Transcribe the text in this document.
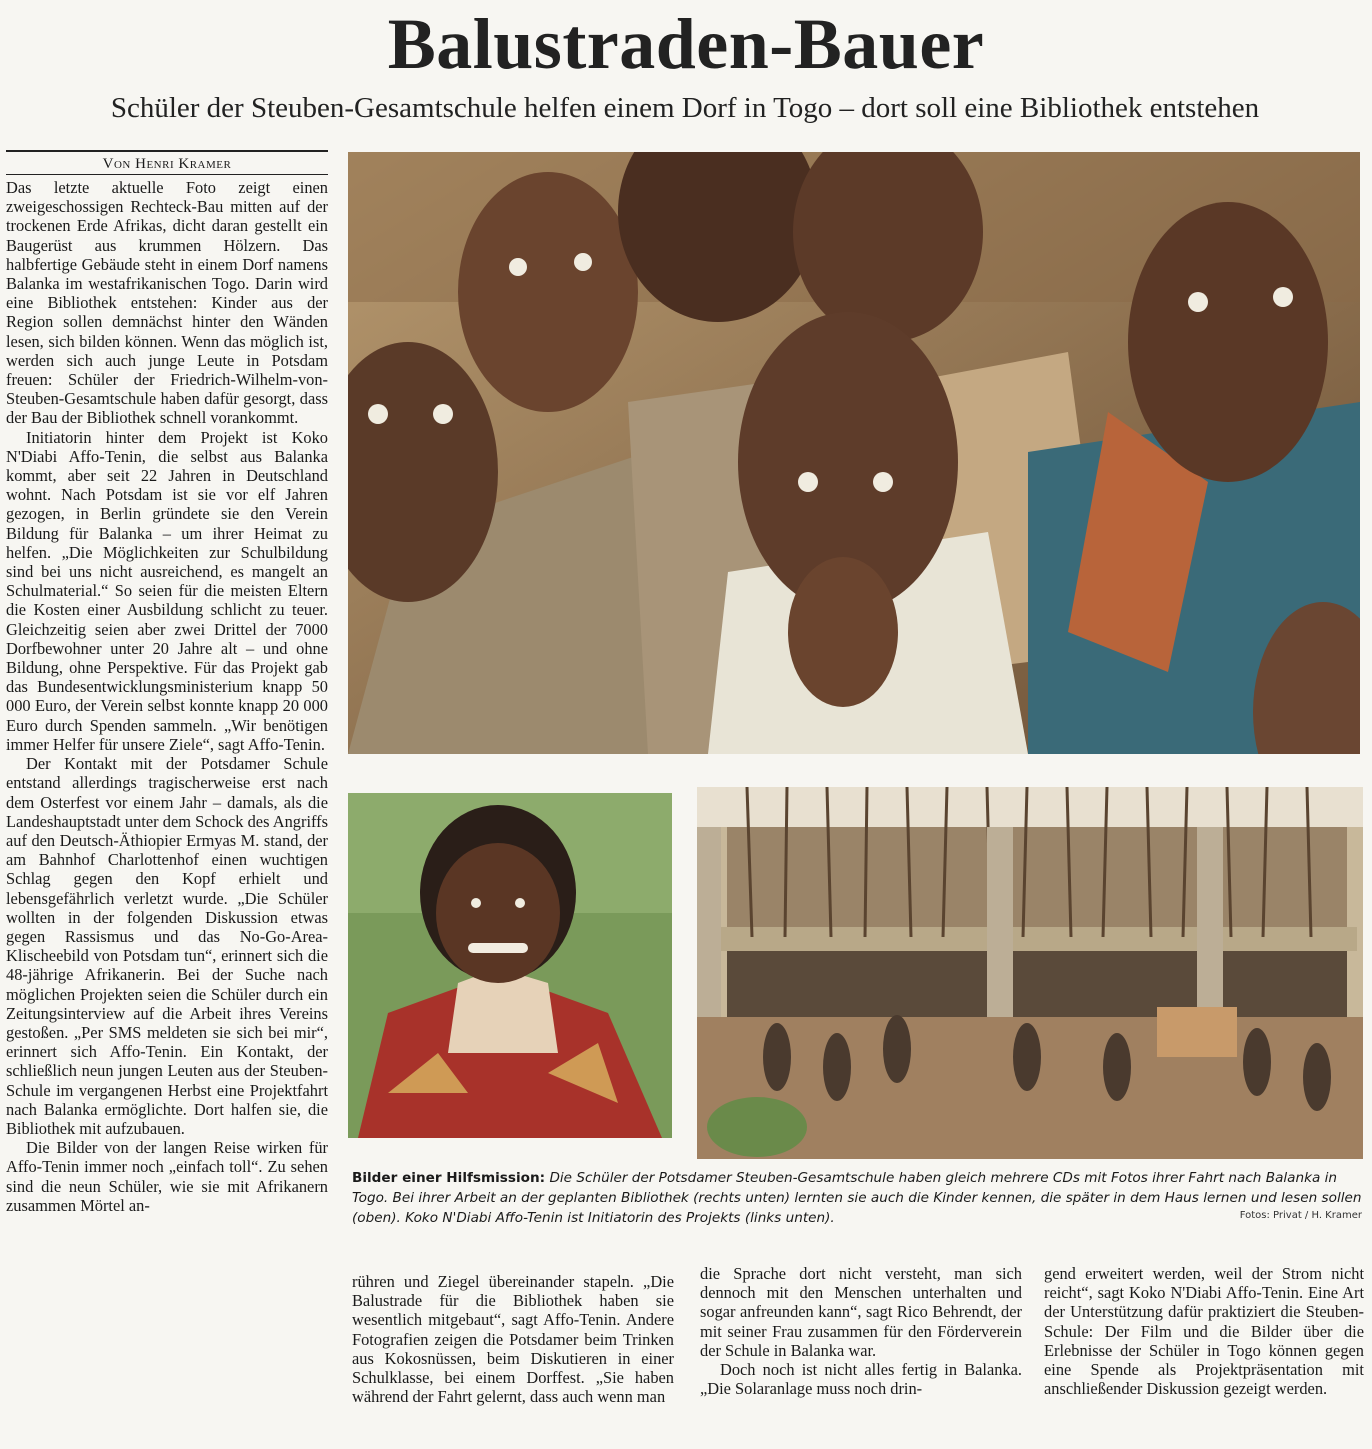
Balustraden-Bauer
Schüler der Steuben-Gesamtschule helfen einem Dorf in Togo – dort soll eine Bibliothek entstehen
Von Henri Kramer

Das letzte aktuelle Foto zeigt einen zweigeschossigen Rechteck-Bau mitten auf der trockenen Erde Afrikas, dicht daran gestellt ein Baugerüst aus krummen Hölzern. Das halbfertige Gebäude steht in einem Dorf namens Balanka im westafrikanischen Togo. Darin wird eine Bibliothek entstehen: Kinder aus der Region sollen demnächst hinter den Wänden lesen, sich bilden können. Wenn das möglich ist, werden sich auch junge Leute in Potsdam freuen: Schüler der Friedrich-Wilhelm-von-Steuben-Gesamtschule haben dafür gesorgt, dass der Bau der Bibliothek schnell vorankommt.

Initiatorin hinter dem Projekt ist Koko N'Diabi Affo-Tenin, die selbst aus Balanka kommt, aber seit 22 Jahren in Deutschland wohnt. Nach Potsdam ist sie vor elf Jahren gezogen, in Berlin gründete sie den Verein Bildung für Balanka – um ihrer Heimat zu helfen. „Die Möglichkeiten zur Schulbildung sind bei uns nicht ausreichend, es mangelt an Schulmaterial.“ So seien für die meisten Eltern die Kosten einer Ausbildung schlicht zu teuer. Gleichzeitig seien aber zwei Drittel der 7000 Dorfbewohner unter 20 Jahre alt – und ohne Bildung, ohne Perspektive. Für das Projekt gab das Bundesentwicklungsministerium knapp 50 000 Euro, der Verein selbst konnte knapp 20 000 Euro durch Spenden sammeln. „Wir benötigen immer Helfer für unsere Ziele“, sagt Affo-Tenin.

Der Kontakt mit der Potsdamer Schule entstand allerdings tragischerweise erst nach dem Osterfest vor einem Jahr – damals, als die Landeshauptstadt unter dem Schock des Angriffs auf den Deutsch-Äthiopier Ermyas M. stand, der am Bahnhof Charlottenhof einen wuchtigen Schlag gegen den Kopf erhielt und lebensgefährlich verletzt wurde. „Die Schüler wollten in der folgenden Diskussion etwas gegen Rassismus und das No-Go-Area-Klischeebild von Potsdam tun“, erinnert sich die 48-jährige Afrikanerin. Bei der Suche nach möglichen Projekten seien die Schüler durch ein Zeitungsinterview auf die Arbeit ihres Vereins gestoßen. „Per SMS meldeten sie sich bei mir“, erinnert sich Affo-Tenin. Ein Kontakt, der schließlich neun jungen Leuten aus der Steuben-Schule im vergangenen Herbst eine Projektfahrt nach Balanka ermöglichte. Dort halfen sie, die Bibliothek mit aufzubauen.

Die Bilder von der langen Reise wirken für Affo-Tenin immer noch „einfach toll“. Zu sehen sind die neun Schüler, wie sie mit Afrikanern zusammen Mörtel an-

Bilder einer Hilfsmission: Die Schüler der Potsdamer Steuben-Gesamtschule haben gleich mehrere CDs mit Fotos ihrer Fahrt nach Balanka in Togo. Bei ihrer Arbeit an der geplanten Bibliothek (rechts unten) lernten sie auch die Kinder kennen, die später in dem Haus lernen und lesen sollen (oben). Koko N'Diabi Affo-Tenin ist Initiatorin des Projekts (links unten).	Fotos: Privat / H. Kramer

rühren und Ziegel übereinander stapeln. „Die Balustrade für die Bibliothek haben sie wesentlich mitgebaut“, sagt Affo-Tenin. Andere Fotografien zeigen die Potsdamer beim Trinken aus Kokosnüssen, beim Diskutieren in einer Schulklasse, bei einem Dorffest. „Sie haben während der Fahrt gelernt, dass auch wenn man

die Sprache dort nicht versteht, man sich dennoch mit den Menschen unterhalten und sogar anfreunden kann“, sagt Rico Behrendt, der mit seiner Frau zusammen für den Förderverein der Schule in Balanka war.

Doch noch ist nicht alles fertig in Balanka. „Die Solaranlage muss noch drin-

gend erweitert werden, weil der Strom nicht reicht“, sagt Koko N'Diabi Affo-Tenin. Eine Art der Unterstützung dafür praktiziert die Steuben-Schule: Der Film und die Bilder über die Erlebnisse der Schüler in Togo können gegen eine Spende als Projektpräsentation mit anschließender Diskussion gezeigt werden.
